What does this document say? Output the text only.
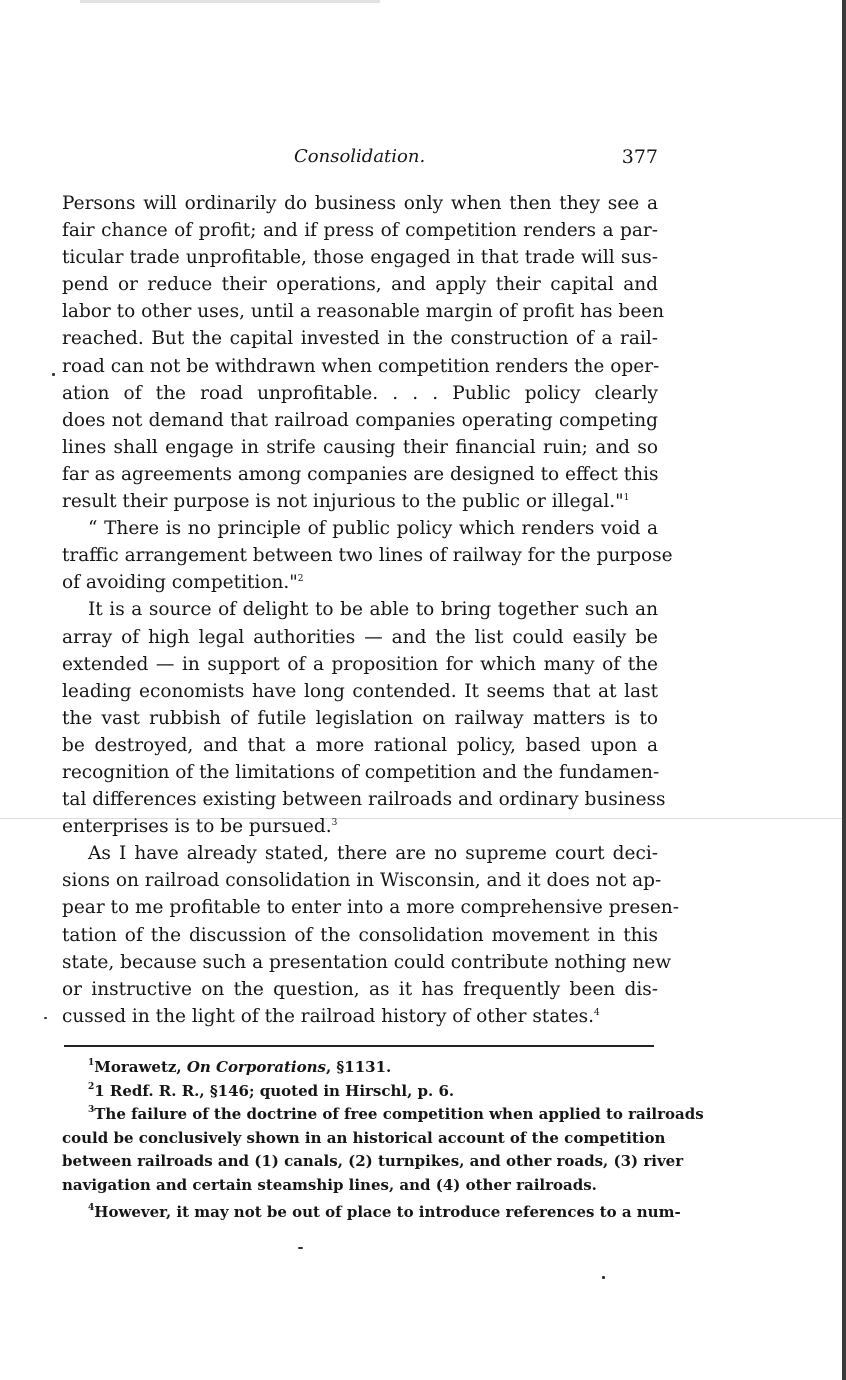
Consolidation.	377
Persons will ordinarily do business only when then they see a
fair chance of profit; and if press of competition renders a par-
ticular trade unprofitable, those engaged in that trade will sus-
pend or reduce their operations, and apply their capital and
labor to other uses, until a reasonable margin of profit has been
reached. But the capital invested in the construction of a rail-
road can not be withdrawn when competition renders the oper-
ation of the road unprofitable. . . . Public policy clearly
does not demand that railroad companies operating competing
lines shall engage in strife causing their financial ruin; and so
far as agreements among companies are designed to effect this
result their purpose is not injurious to the public or illegal."$^1$
“ There is no principle of public policy which renders void a
traffic arrangement between two lines of railway for the purpose
of avoiding competition."$^2$
It is a source of delight to be able to bring together such an
array of high legal authorities — and the list could easily be
extended — in support of a proposition for which many of the
leading economists have long contended. It seems that at last
the vast rubbish of futile legislation on railway matters is to
be destroyed, and that a more rational policy, based upon a
recognition of the limitations of competition and the fundamen-
tal differences existing between railroads and ordinary business
enterprises is to be pursued.$^3$
As I have already stated, there are no supreme court deci-
sions on railroad consolidation in Wisconsin, and it does not ap-
pear to me profitable to enter into a more comprehensive presen-
tation of the discussion of the consolidation movement in this
state, because such a presentation could contribute nothing new
or instructive on the question, as it has frequently been dis-
cussed in the light of the railroad history of other states.$^4$
$^1$Morawetz, On Corporations, §1131.
$^2$1 Redf. R. R., §146; quoted in Hirschl, p. 6.
$^3$The failure of the doctrine of free competition when applied to railroads
could be conclusively shown in an historical account of the competition
between railroads and (1) canals, (2) turnpikes, and other roads, (3) river
navigation and certain steamship lines, and (4) other railroads.
$^4$However, it may not be out of place to introduce references to a num-
